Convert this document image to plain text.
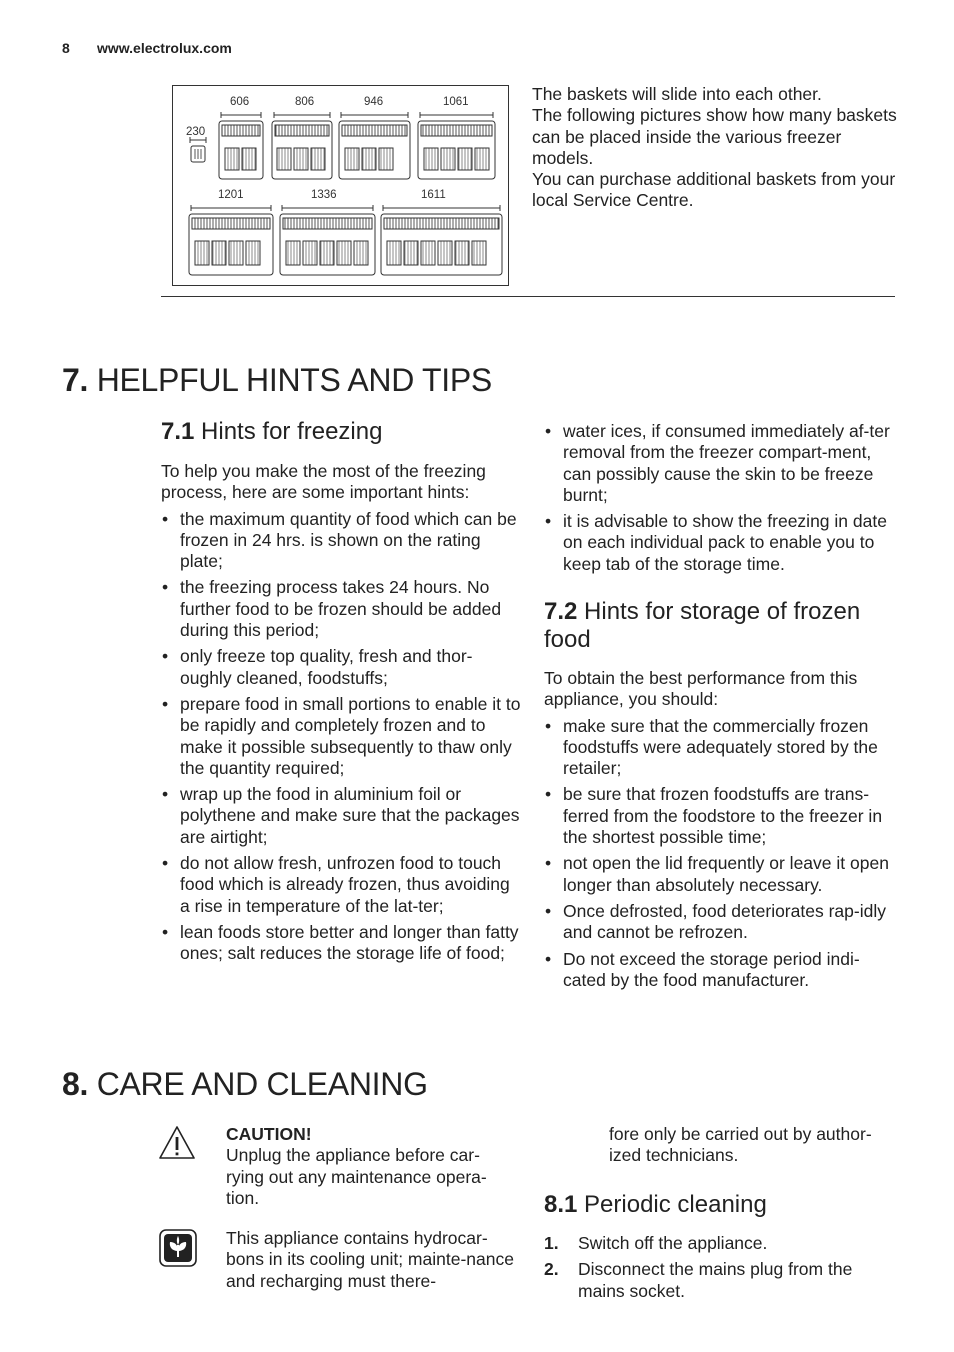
8 www.electrolux.com
230
606	806	946	1061
1201	1336	1611

The baskets will slide into each other.

The following pictures show how many baskets can be placed inside the various freezer models.

You can purchase additional baskets from your local Service Centre.

7. HELPFUL HINTS AND TIPS
7.1 Hints for freezing
To help you make the most of the freezing process, here are some important hints:
• the maximum quantity of food which can be frozen in 24 hrs. is shown on the rating plate;
• the freezing process takes 24 hours. No further food to be frozen should be added during this period;
• only freeze top quality, fresh and thor-oughly cleaned, foodstuffs;
• prepare food in small portions to enable it to be rapidly and completely frozen and to make it possible subsequently to thaw only the quantity required;
• wrap up the food in aluminium foil or polythene and make sure that the packages are airtight;
• do not allow fresh, unfrozen food to touch food which is already frozen, thus avoiding a rise in temperature of the lat-ter;
• lean foods store better and longer than fatty ones; salt reduces the storage life of food;
• water ices, if consumed immediately af-ter removal from the freezer compart-ment, can possibly cause the skin to be freeze burnt;
• it is advisable to show the freezing in date on each individual pack to enable you to keep tab of the storage time.
7.2 Hints for storage of frozen food
To obtain the best performance from this appliance, you should:
• make sure that the commercially frozen foodstuffs were adequately stored by the retailer;
• be sure that frozen foodstuffs are trans-ferred from the foodstore to the freezer in the shortest possible time;
• not open the lid frequently or leave it open longer than absolutely necessary.
• Once defrosted, food deteriorates rap-idly and cannot be refrozen.
• Do not exceed the storage period indi-cated by the food manufacturer.
8. CARE AND CLEANING
CAUTION!
Unplug the appliance before car-rying out any maintenance opera-tion.
This appliance contains hydrocar-bons in its cooling unit; mainte-nance and recharging must there-
fore only be carried out by author-ized technicians.
8.1 Periodic cleaning
1. Switch off the appliance.
2. Disconnect the mains plug from the mains socket.
